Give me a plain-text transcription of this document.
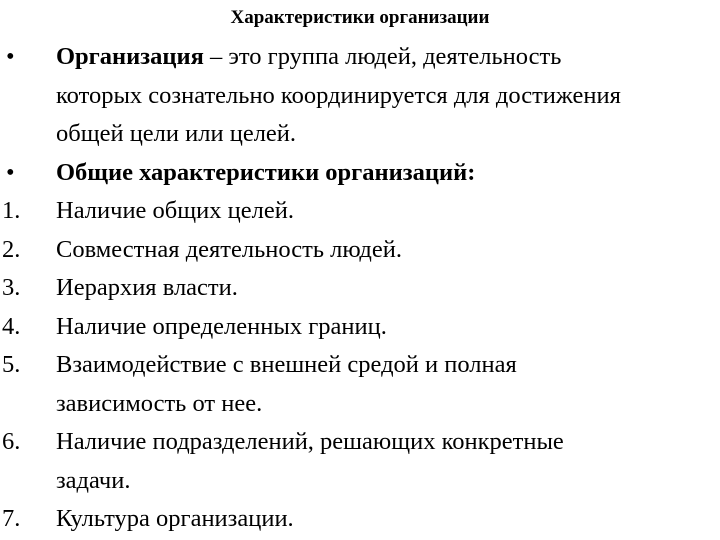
Характеристики организации
•	Организация – это группа людей, деятельность
которых сознательно координируется для достижения
общей цели или целей.
•	Общие характеристики организаций:
1.	Наличие общих целей.
2.	Совместная деятельность людей.
3.	Иерархия власти.
4.	Наличие определенных границ.
5.	Взаимодействие с внешней средой и полная
зависимость от нее.
6.	Наличие подразделений, решающих конкретные
задачи.
7.	Культура организации.
